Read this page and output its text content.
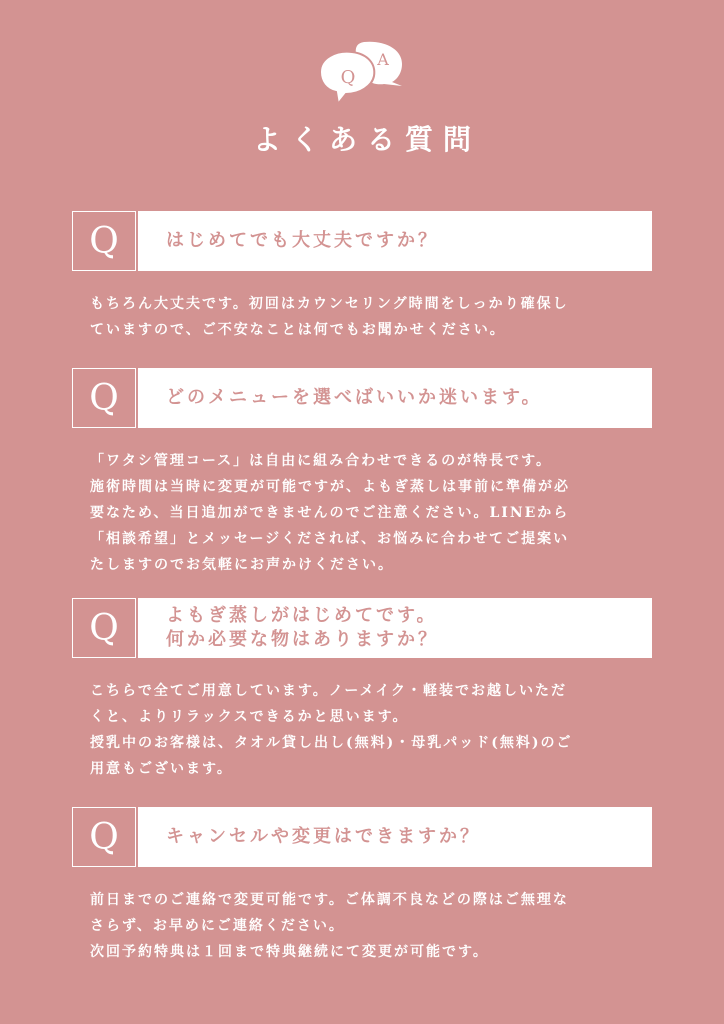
Q
A
よくある質問
Q	はじめてでも大丈夫ですか？
もちろん大丈夫です。初回はカウンセリング時間をしっかり確保し
ていますので、ご不安なことは何でもお聞かせください。
Q	どのメニューを選べばいいか迷います。
「ワタシ管理コース」は自由に組み合わせできるのが特長です。
施術時間は当時に変更が可能ですが、よもぎ蒸しは事前に準備が必
要なため、当日追加ができませんのでご注意ください。LINEから
「相談希望」とメッセージくだされば、お悩みに合わせてご提案い
たしますのでお気軽にお声かけください。
Q	よもぎ蒸しがはじめてです。
何か必要な物はありますか？
こちらで全てご用意しています。ノーメイク・軽装でお越しいただ
くと、よりリラックスできるかと思います。
授乳中のお客様は、タオル貸し出し(無料)・母乳パッド(無料)のご
用意もございます。
Q	キャンセルや変更はできますか？
前日までのご連絡で変更可能です。ご体調不良などの際はご無理な
さらず、お早めにご連絡ください。
次回予約特典は１回まで特典継続にて変更が可能です。
